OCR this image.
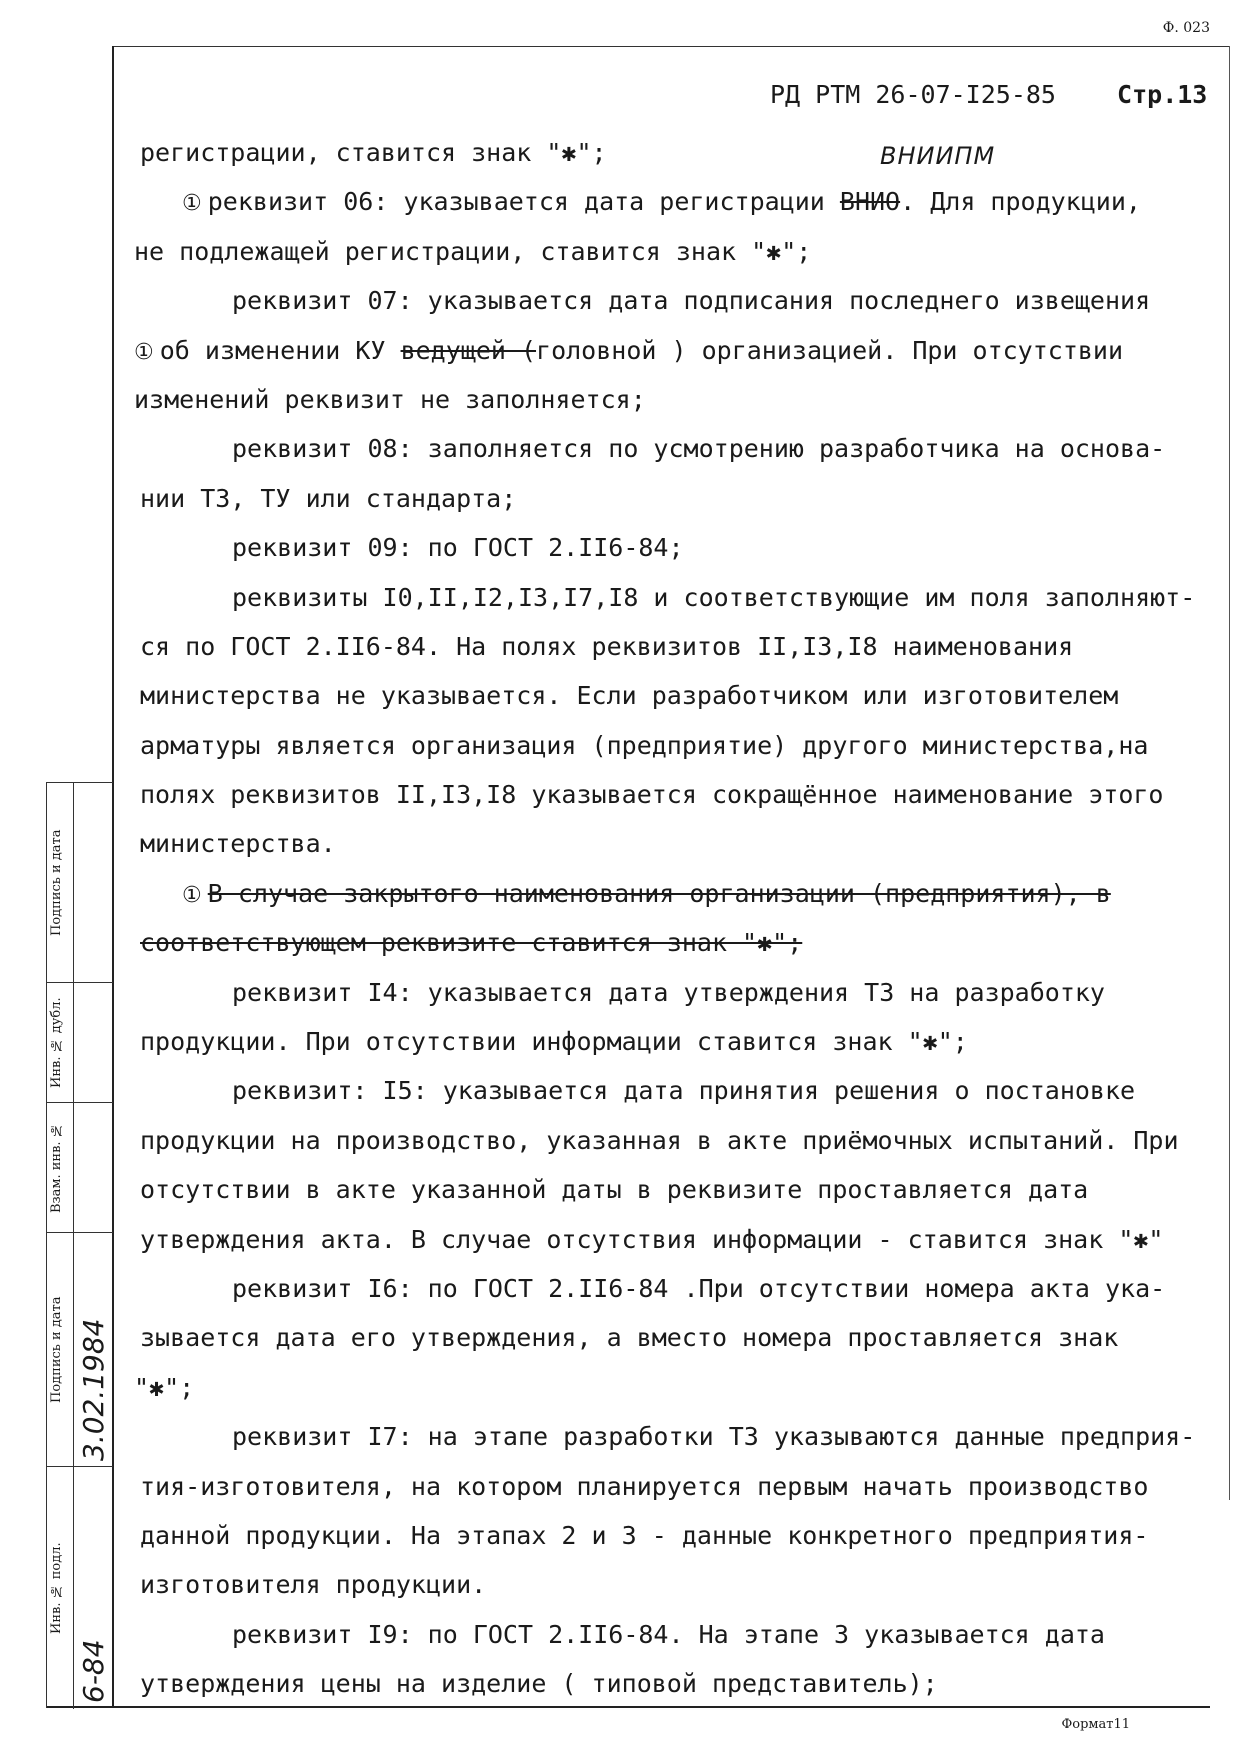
Ф. 023
Формат11
РД РТМ 26-07-I25-85 Стр.13
ВНИИПМ
регистрации, ставится знак "✱";
① реквизит 06: указывается дата регистрации ВНИО. Для продукции,
не подлежащей регистрации, ставится знак "✱";
реквизит 07: указывается дата подписания последнего извещения
① об изменении КУ ведущей (головной ) организацией. При отсутствии
изменений реквизит не заполняется;
реквизит 08: заполняется по усмотрению разработчика на основа-
нии ТЗ, ТУ или стандарта;
реквизит 09: по ГОСТ 2.II6-84;
реквизиты I0,II,I2,I3,I7,I8 и соответствующие им поля заполняют-
ся по ГОСТ 2.II6-84. На полях реквизитов II,I3,I8 наименования
министерства не указывается. Если разработчиком или изготовителем
арматуры является организация (предприятие) другого министерства,на
полях реквизитов II,I3,I8 указывается сокращённое наименование этого
министерства.
① В случае закрытого наименования организации (предприятия), в
соответствующем реквизите ставится знак "✱";
реквизит I4: указывается дата утверждения ТЗ на разработку
продукции. При отсутствии информации ставится знак "✱";
реквизит: I5: указывается дата принятия решения о постановке
продукции на производство, указанная в акте приёмочных испытаний. При
отсутствии в акте указанной даты в реквизите проставляется дата
утверждения акта. В случае отсутствия информации - ставится знак "✱"
реквизит I6: по ГОСТ 2.II6-84 .При отсутствии номера акта ука-
зывается дата его утверждения, а вместо номера проставляется знак
"✱";
реквизит I7: на этапе разработки ТЗ указываются данные предприя-
тия-изготовителя, на котором планируется первым начать производство
данной продукции. На этапах 2 и 3 - данные конкретного предприятия-
изготовителя продукции.
реквизит I9: по ГОСТ 2.II6-84. На этапе 3 указывается дата
утверждения цены на изделие ( типовой представитель);
Подпись и дата
Инв. № дубл.
Взам. инв. №
Подпись и дата 3.02.1984
Инв. № подл.
6-84
